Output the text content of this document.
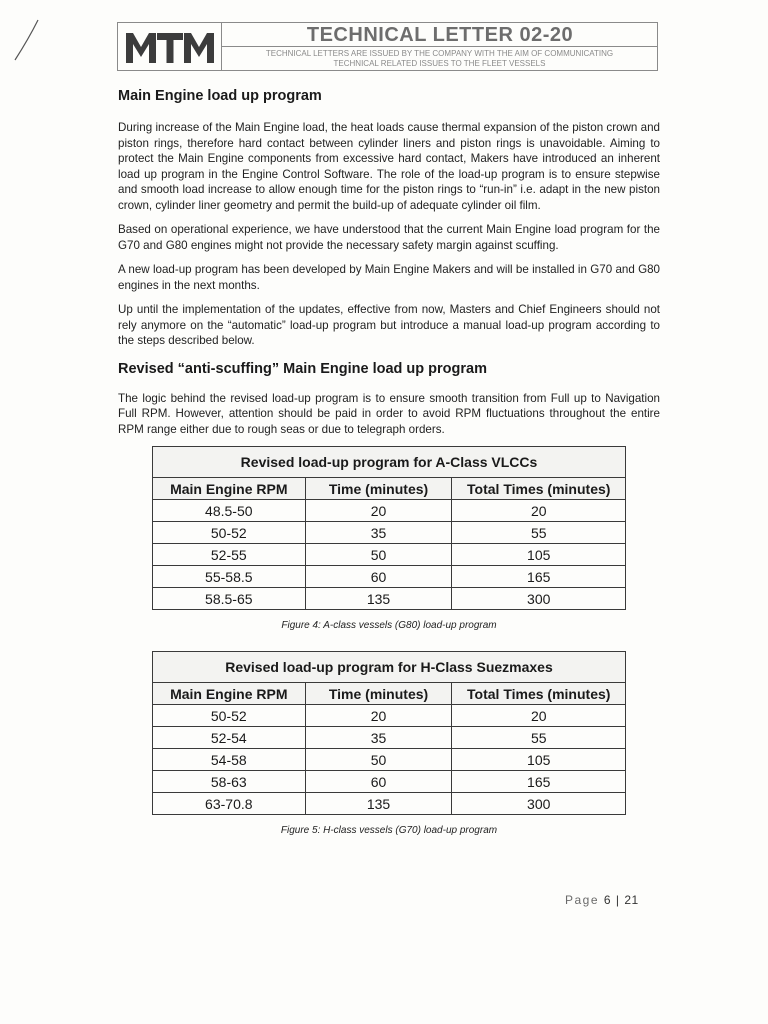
TECHNICAL LETTER 02-20
TECHNICAL LETTERS ARE ISSUED BY THE COMPANY WITH THE AIM OF COMMUNICATING
TECHNICAL RELATED ISSUES TO THE FLEET VESSELS
Main Engine load up program

During increase of the Main Engine load, the heat loads cause thermal expansion of the piston crown and piston rings, therefore hard contact between cylinder liners and piston rings is unavoidable. Aiming to protect the Main Engine components from excessive hard contact, Makers have introduced an inherent load up program in the Engine Control Software. The role of the load-up program is to ensure stepwise and smooth load increase to allow enough time for the piston rings to “run-in” i.e. adapt in the new piston crown, cylinder liner geometry and permit the build-up of adequate cylinder oil film.

Based on operational experience, we have understood that the current Main Engine load program for the G70 and G80 engines might not provide the necessary safety margin against scuffing.

A new load-up program has been developed by Main Engine Makers and will be installed in G70 and G80 engines in the next months.

Up until the implementation of the updates, effective from now, Masters and Chief Engineers should not rely anymore on the “automatic” load-up program but introduce a manual load-up program according to the steps described below.

Revised “anti-scuffing” Main Engine load up program

The logic behind the revised load-up program is to ensure smooth transition from Full up to Navigation Full RPM. However, attention should be paid in order to avoid RPM fluctuations throughout the entire RPM range either due to rough seas or due to telegraph orders.

Revised load-up program for A-Class VLCCs		
Main Engine RPM	Time (minutes)	Total Times (minutes)
48.5-50	20	20
50-52	35	55
52-55	50	105
55-58.5	60	165
58.5-65	135	300
Figure 4: A-class vessels (G80) load-up program
Revised load-up program for H-Class Suezmaxes		
Main Engine RPM	Time (minutes)	Total Times (minutes)
50-52	20	20
52-54	35	55
54-58	50	105
58-63	60	165
63-70.8	135	300
Figure 5: H-class vessels (G70) load-up program
Page 6 | 21
